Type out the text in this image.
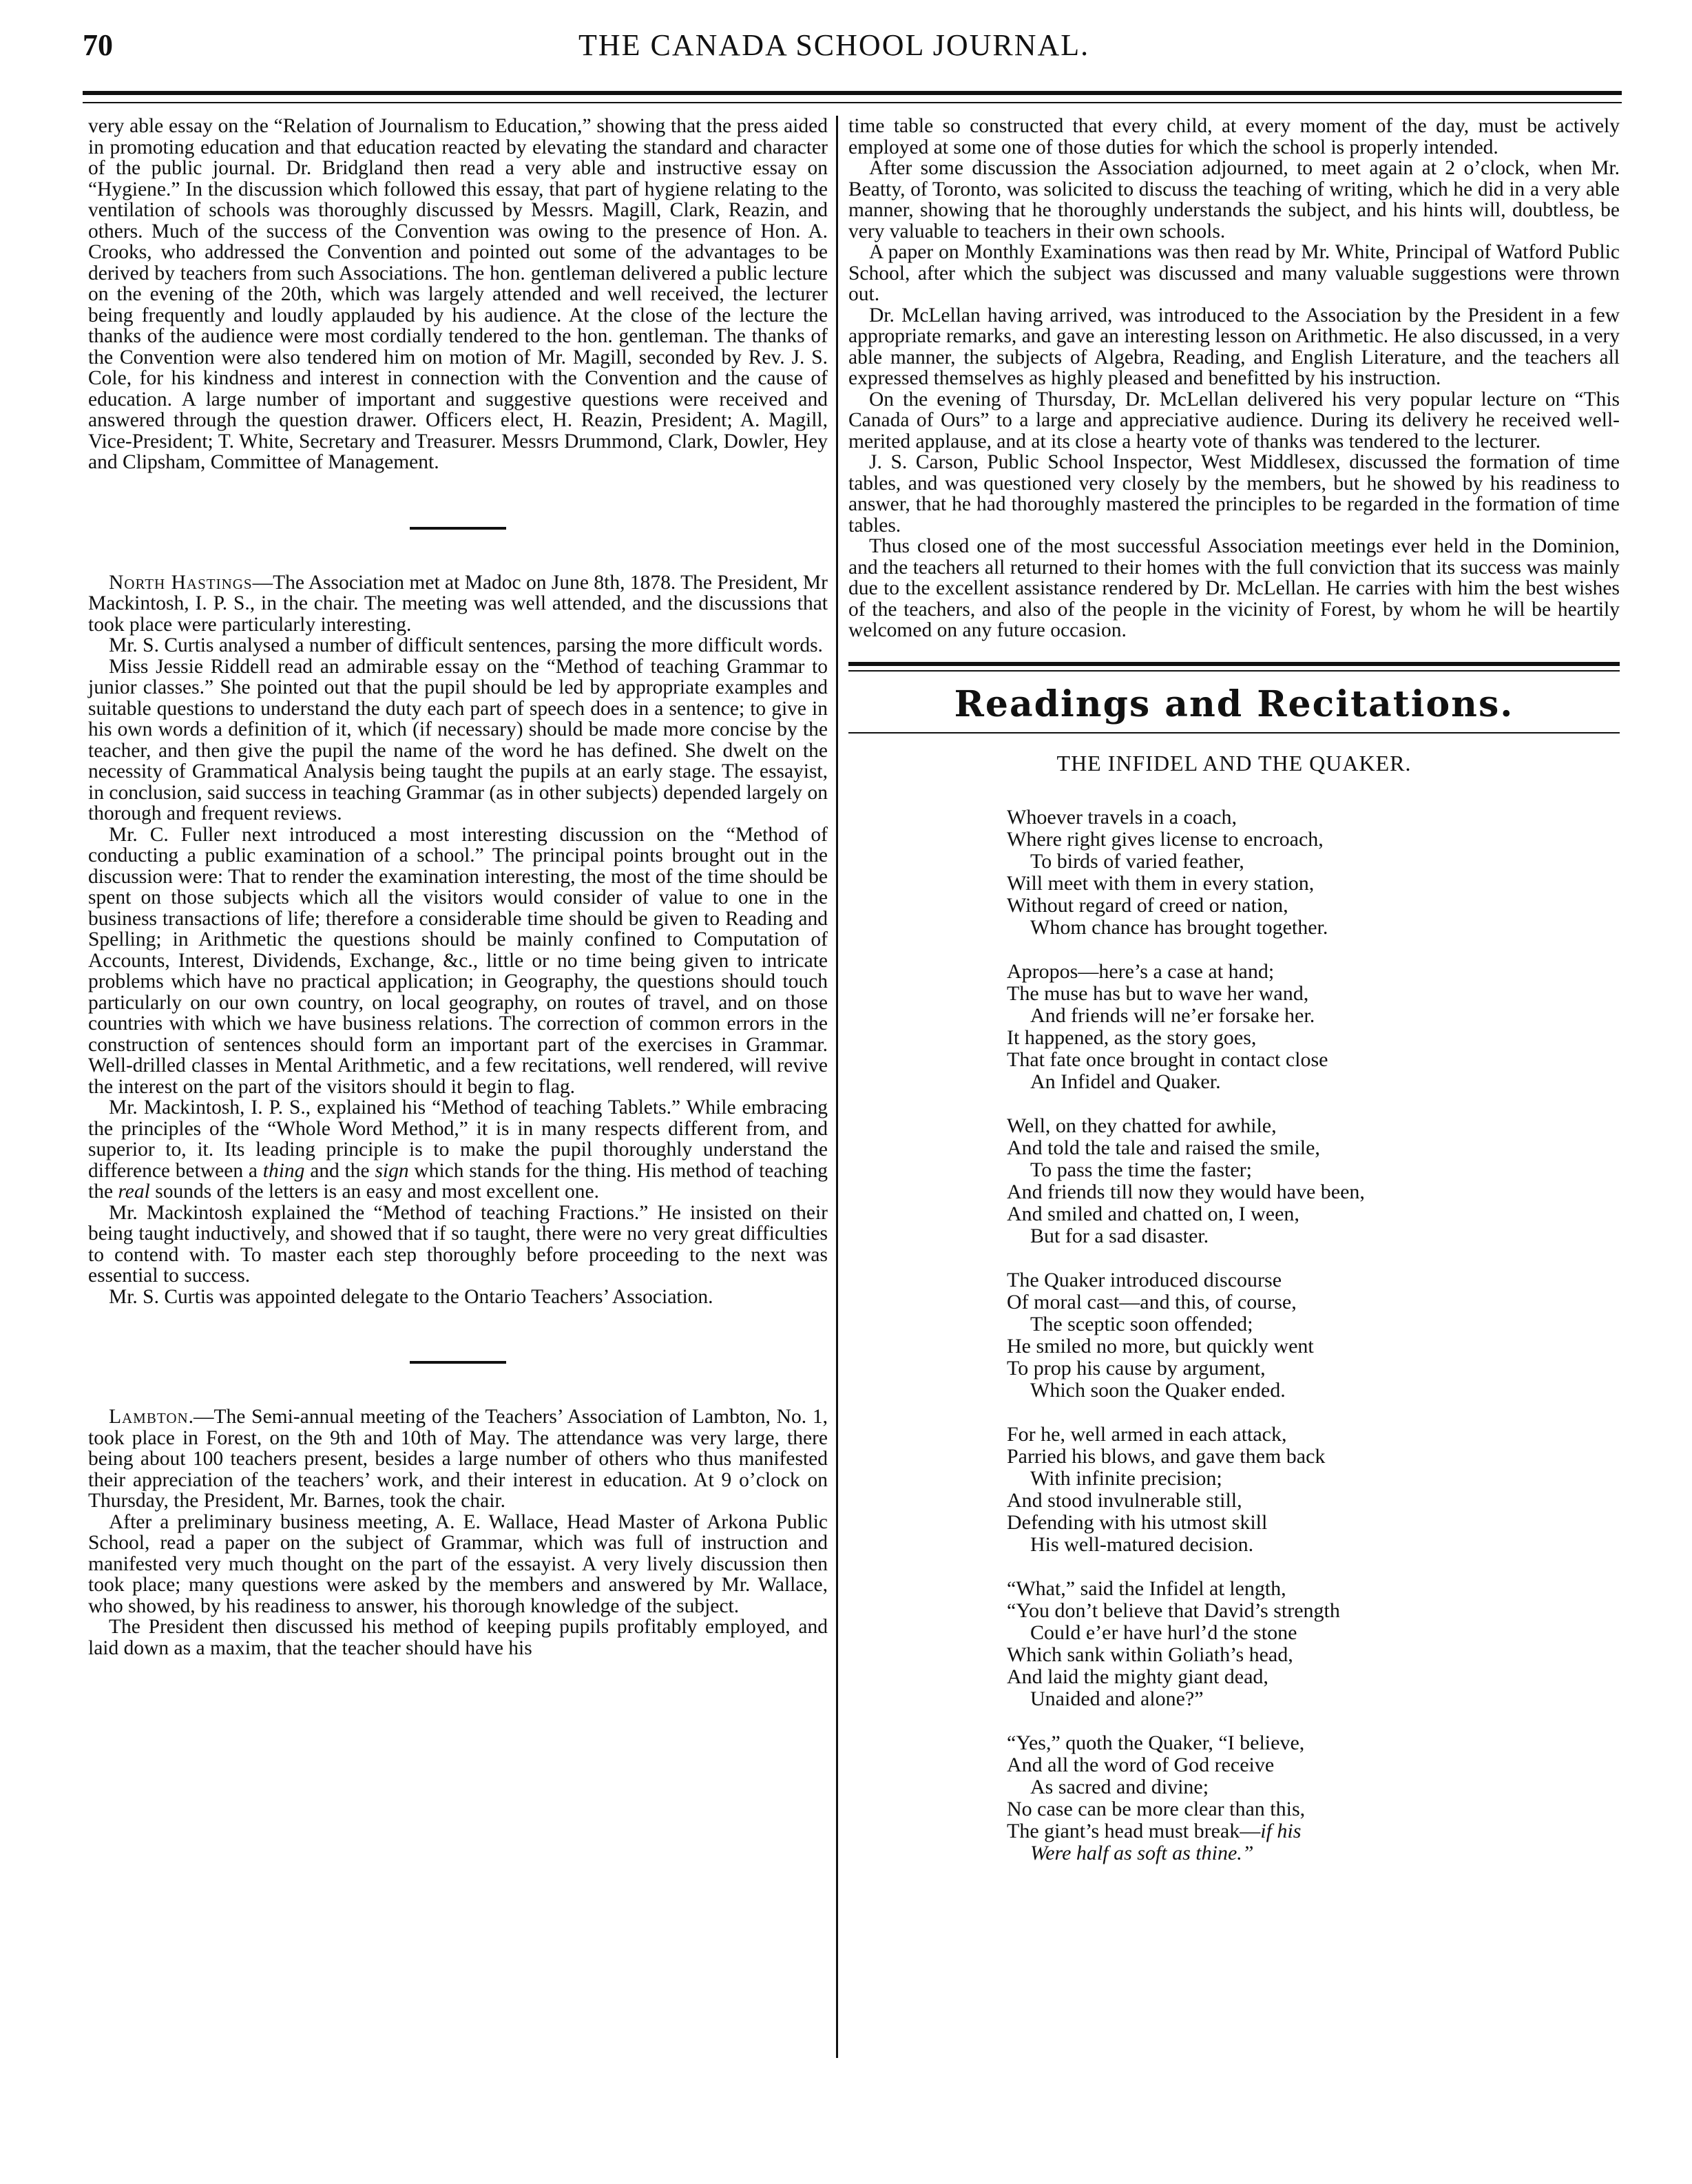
70	THE CANADA SCHOOL JOURNAL.

very able essay on the “Relation of Journalism to Education,” showing that the press aided in promoting education and that education reacted by elevating the standard and character of the public journal. Dr. Bridgland then read a very able and instructive essay on “Hygiene.” In the discussion which followed this essay, that part of hygiene relating to the ventilation of schools was thoroughly discussed by Messrs. Magill, Clark, Reazin, and others. Much of the success of the Convention was owing to the presence of Hon. A. Crooks, who addressed the Convention and pointed out some of the advantages to be derived by teachers from such Associations. The hon. gentleman delivered a public lecture on the evening of the 20th, which was largely attended and well received, the lecturer being frequently and loudly applauded by his audience. At the close of the lecture the thanks of the audience were most cordially tendered to the hon. gentleman. The thanks of the Convention were also tendered him on motion of Mr. Magill, seconded by Rev. J. S. Cole, for his kindness and interest in connection with the Convention and the cause of education. A large number of important and suggestive questions were received and answered through the question drawer. Officers elect, H. Reazin, President; A. Magill, Vice-President; T. White, Secretary and Treasurer. Messrs Drummond, Clark, Dowler, Hey and Clipsham, Committee of Management.

North Hastings—The Association met at Madoc on June 8th, 1878. The President, Mr Mackintosh, I. P. S., in the chair. The meeting was well attended, and the discussions that took place were particularly interesting.

Mr. S. Curtis analysed a number of difficult sentences, parsing the more difficult words.

Miss Jessie Riddell read an admirable essay on the “Method of teaching Grammar to junior classes.” She pointed out that the pupil should be led by appropriate examples and suitable questions to understand the duty each part of speech does in a sentence; to give in his own words a definition of it, which (if necessary) should be made more concise by the teacher, and then give the pupil the name of the word he has defined. She dwelt on the necessity of Grammatical Analysis being taught the pupils at an early stage. The essayist, in conclusion, said success in teaching Grammar (as in other subjects) depended largely on thorough and frequent reviews.

Mr. C. Fuller next introduced a most interesting discussion on the “Method of conducting a public examination of a school.” The principal points brought out in the discussion were: That to render the examination interesting, the most of the time should be spent on those subjects which all the visitors would consider of value to one in the business transactions of life; therefore a considerable time should be given to Reading and Spelling; in Arithmetic the questions should be mainly confined to Computation of Accounts, Interest, Dividends, Exchange, &c., little or no time being given to intricate problems which have no practical application; in Geography, the questions should touch particularly on our own country, on local geography, on routes of travel, and on those countries with which we have business relations. The correction of common errors in the construction of sentences should form an important part of the exercises in Grammar. Well-drilled classes in Mental Arithmetic, and a few recitations, well rendered, will revive the interest on the part of the visitors should it begin to flag.

Mr. Mackintosh, I. P. S., explained his “Method of teaching Tablets.” While embracing the principles of the “Whole Word Method,” it is in many respects different from, and superior to, it. Its leading principle is to make the pupil thoroughly understand the difference between a thing and the sign which stands for the thing. His method of teaching the real sounds of the letters is an easy and most excellent one.

Mr. Mackintosh explained the “Method of teaching Fractions.” He insisted on their being taught inductively, and showed that if so taught, there were no very great difficulties to contend with. To master each step thoroughly before proceeding to the next was essential to success.

Mr. S. Curtis was appointed delegate to the Ontario Teachers’ Association.

Lambton.—The Semi-annual meeting of the Teachers’ Association of Lambton, No. 1, took place in Forest, on the 9th and 10th of May. The attendance was very large, there being about 100 teachers present, besides a large number of others who thus manifested their appreciation of the teachers’ work, and their interest in education. At 9 o’clock on Thursday, the President, Mr. Barnes, took the chair.

After a preliminary business meeting, A. E. Wallace, Head Master of Arkona Public School, read a paper on the subject of Grammar, which was full of instruction and manifested very much thought on the part of the essayist. A very lively discussion then took place; many questions were asked by the members and answered by Mr. Wallace, who showed, by his readiness to answer, his thorough knowledge of the subject.

The President then discussed his method of keeping pupils profitably employed, and laid down as a maxim, that the teacher should have his

time table so constructed that every child, at every moment of the day, must be actively employed at some one of those duties for which the school is properly intended.

After some discussion the Association adjourned, to meet again at 2 o’clock, when Mr. Beatty, of Toronto, was solicited to discuss the teaching of writing, which he did in a very able manner, showing that he thoroughly understands the subject, and his hints will, doubtless, be very valuable to teachers in their own schools.

A paper on Monthly Examinations was then read by Mr. White, Principal of Watford Public School, after which the subject was discussed and many valuable suggestions were thrown out.

Dr. McLellan having arrived, was introduced to the Association by the President in a few appropriate remarks, and gave an interesting lesson on Arithmetic. He also discussed, in a very able manner, the subjects of Algebra, Reading, and English Literature, and the teachers all expressed themselves as highly pleased and benefitted by his instruction.

On the evening of Thursday, Dr. McLellan delivered his very popular lecture on “This Canada of Ours” to a large and appreciative audience. During its delivery he received well-merited applause, and at its close a hearty vote of thanks was tendered to the lecturer.

J. S. Carson, Public School Inspector, West Middlesex, discussed the formation of time tables, and was questioned very closely by the members, but he showed by his readiness to answer, that he had thoroughly mastered the principles to be regarded in the formation of time tables.

Thus closed one of the most successful Association meetings ever held in the Dominion, and the teachers all returned to their homes with the full conviction that its success was mainly due to the excellent assistance rendered by Dr. McLellan. He carries with him the best wishes of the teachers, and also of the people in the vicinity of Forest, by whom he will be heartily welcomed on any future occasion.

Readings and Recitations.
THE INFIDEL AND THE QUAKER.
Whoever travels in a coach,
Where right gives license to encroach,
To birds of varied feather,
Will meet with them in every station,
Without regard of creed or nation,
Whom chance has brought together.
Apropos—here’s a case at hand;
The muse has but to wave her wand,
And friends will ne’er forsake her.
It happened, as the story goes,
That fate once brought in contact close
An Infidel and Quaker.
Well, on they chatted for awhile,
And told the tale and raised the smile,
To pass the time the faster;
And friends till now they would have been,
And smiled and chatted on, I ween,
But for a sad disaster.
The Quaker introduced discourse
Of moral cast—and this, of course,
The sceptic soon offended;
He smiled no more, but quickly went
To prop his cause by argument,
Which soon the Quaker ended.
For he, well armed in each attack,
Parried his blows, and gave them back
With infinite precision;
And stood invulnerable still,
Defending with his utmost skill
His well-matured decision.
“What,” said the Infidel at length,
“You don’t believe that David’s strength
Could e’er have hurl’d the stone
Which sank within Goliath’s head,
And laid the mighty giant dead,
Unaided and alone?”
“Yes,” quoth the Quaker, “I believe,
And all the word of God receive
As sacred and divine;
No case can be more clear than this,
The giant’s head must break—if his
Were half as soft as thine.”
